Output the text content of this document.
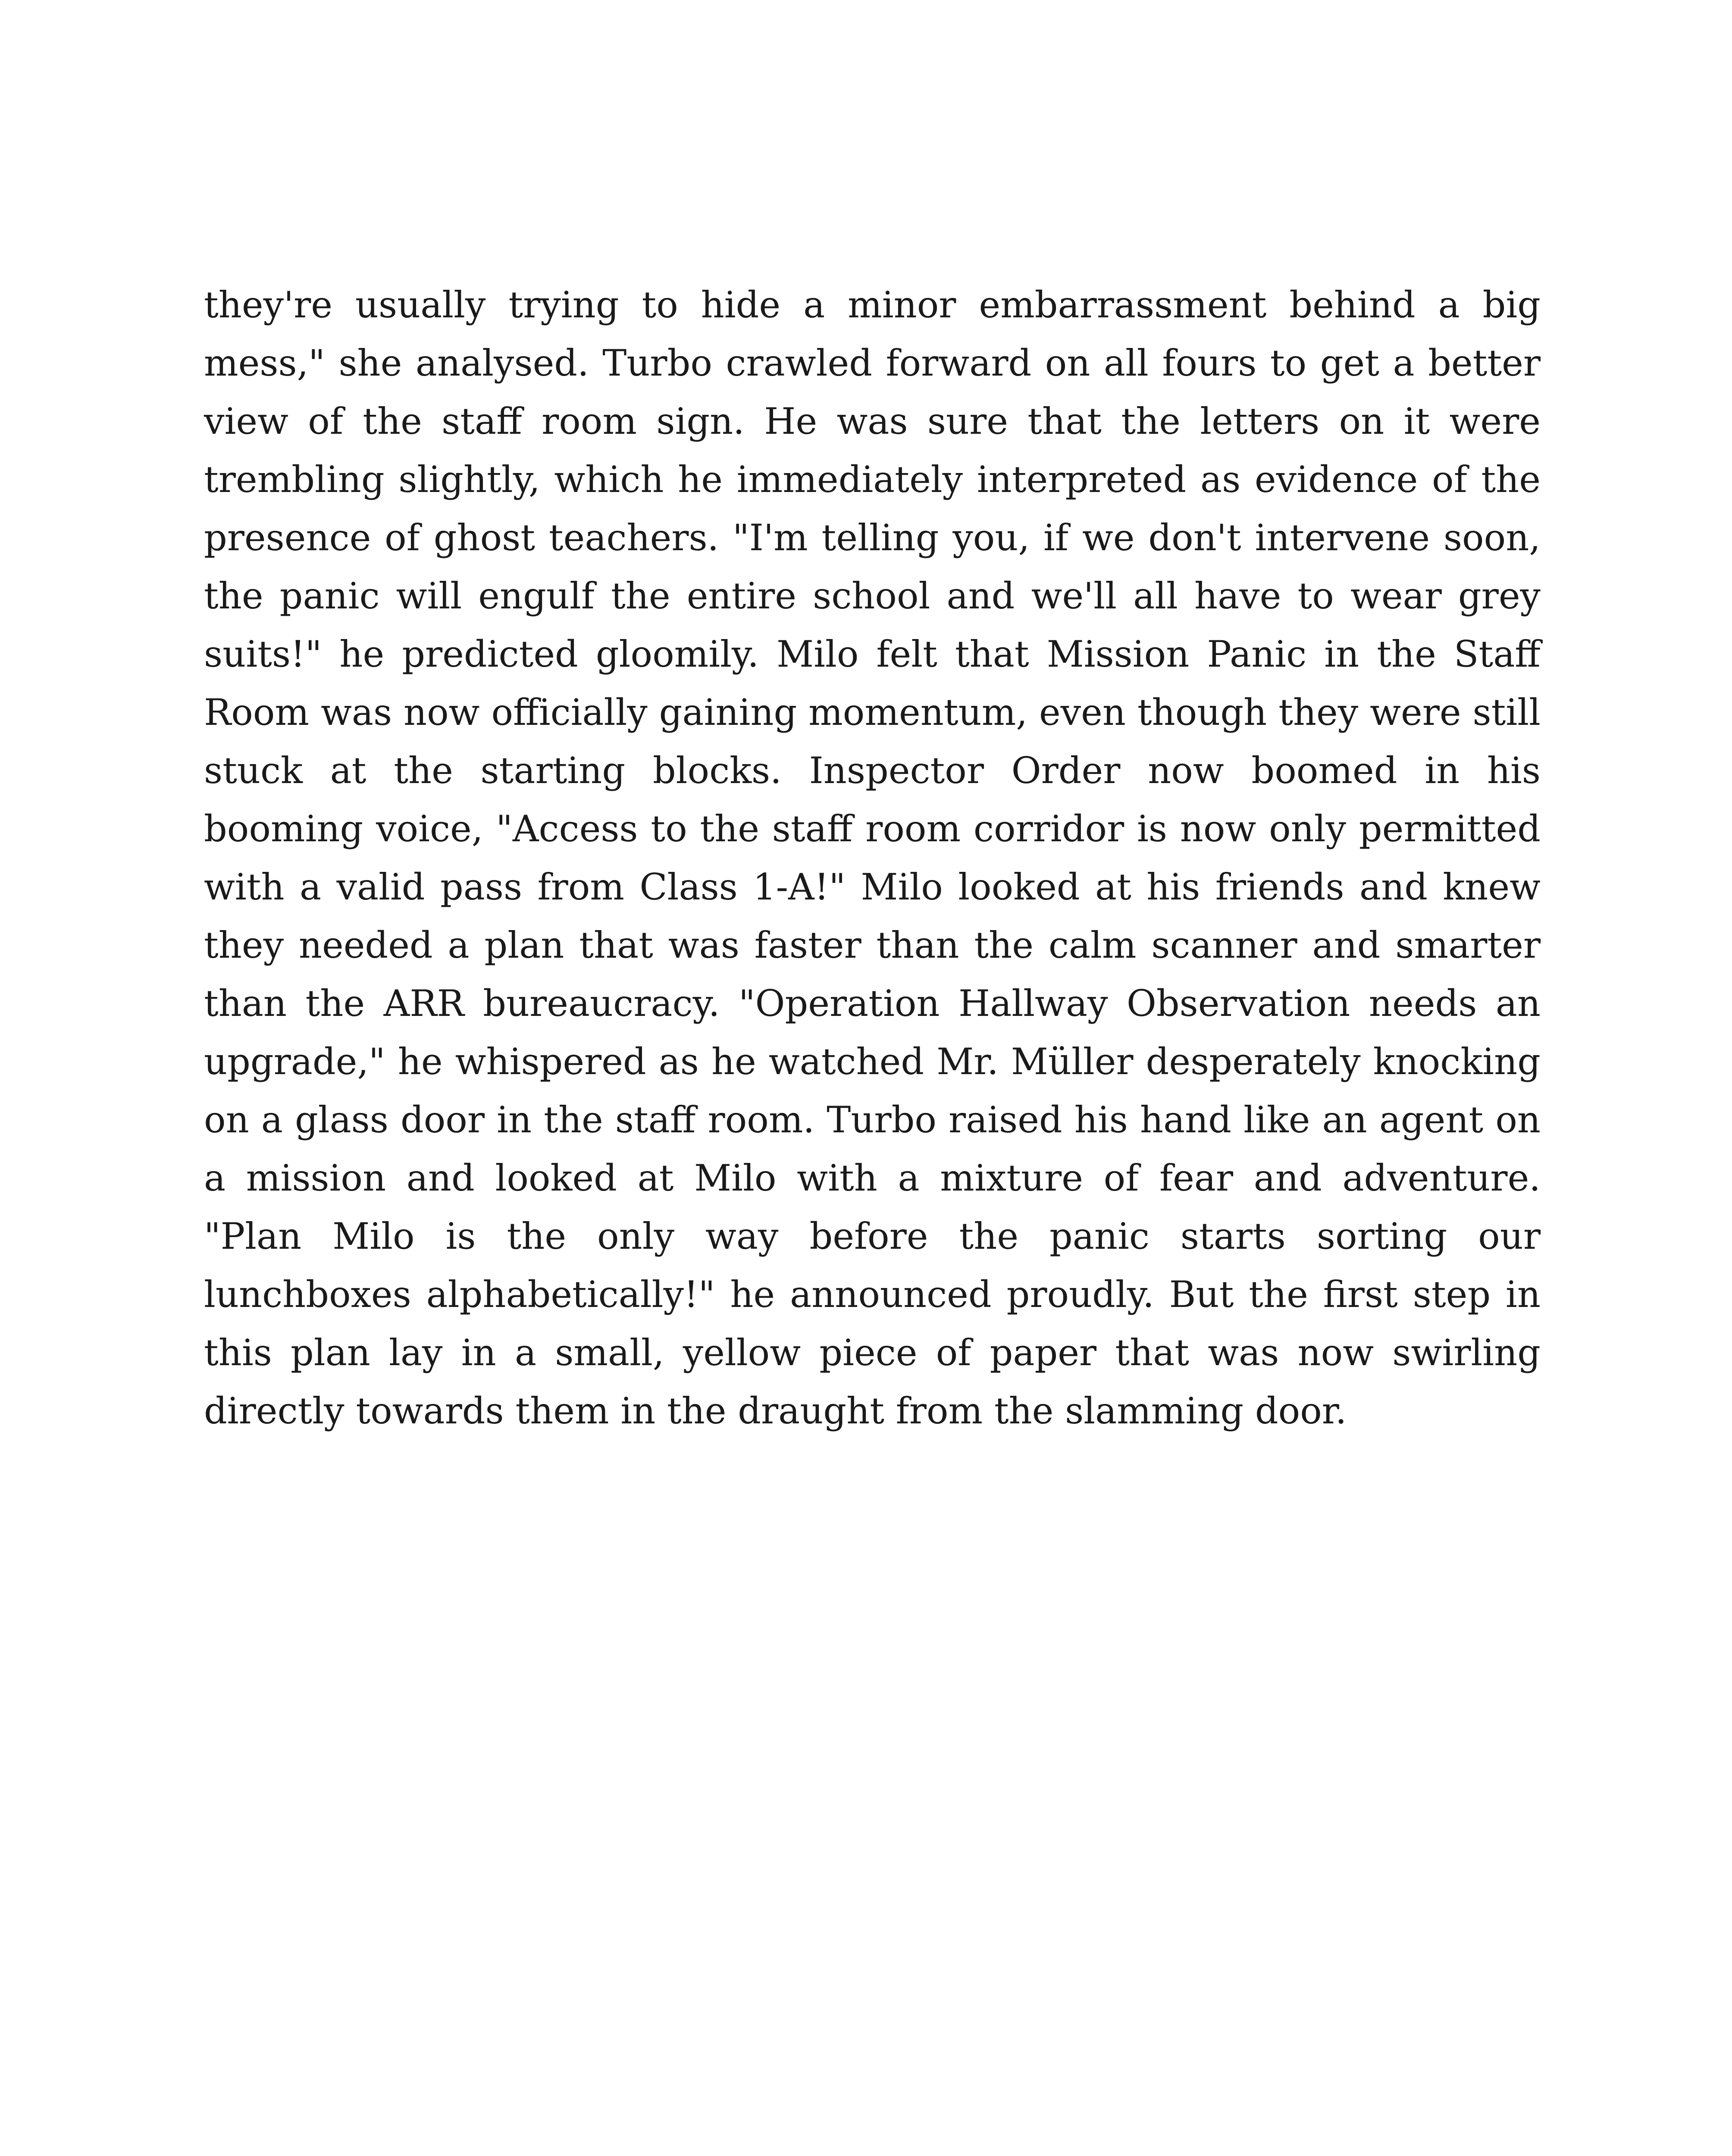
they're usually trying to hide a minor embarrassment behind a big mess," she analysed. Turbo crawled forward on all fours to get a better view of the staff room sign. He was sure that the letters on it were trembling slightly, which he immediately interpreted as evidence of the presence of ghost teachers. "I'm telling you, if we don't intervene soon, the panic will engulf the entire school and we'll all have to wear grey suits!" he predicted gloomily. Milo felt that Mission Panic in the Staff Room was now officially gaining momentum, even though they were still stuck at the starting blocks. Inspector Order now boomed in his booming voice, "Access to the staff room corridor is now only permitted with a valid pass from Class 1-A!" Milo looked at his friends and knew they needed a plan that was faster than the calm scanner and smarter than the ARR bureaucracy. "Operation Hallway Observation needs an upgrade," he whispered as he watched Mr. Müller desperately knocking on a glass door in the staff room. Turbo raised his hand like an agent on a mission and looked at Milo with a mixture of fear and adventure. "Plan Milo is the only way before the panic starts sorting our lunchboxes alphabetically!" he announced proudly. But the first step in this plan lay in a small, yellow piece of paper that was now swirling directly towards them in the draught from the slamming door.
